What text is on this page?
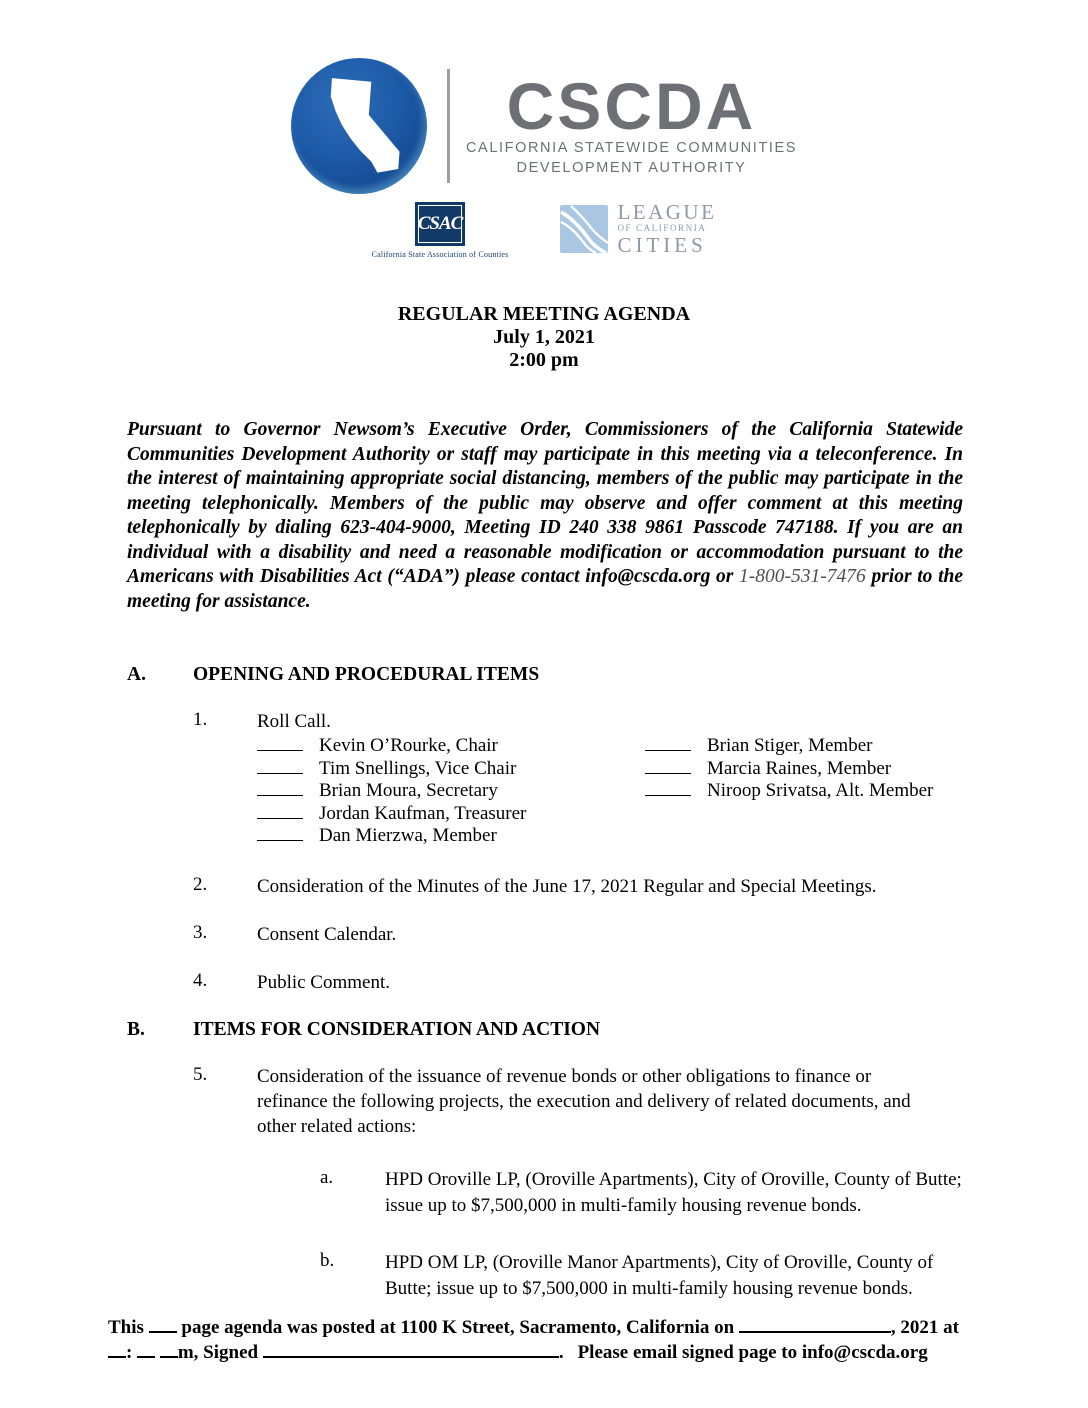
CSCDA
CALIFORNIA STATEWIDE COMMUNITIES
DEVELOPMENT AUTHORITY
CSAC
California State Association of Counties
LEAGUE
OF CALIFORNIA
CITIES
REGULAR MEETING AGENDA
July 1, 2021
2:00 pm

Pursuant to Governor Newsom’s Executive Order, Commissioners of the California Statewide Communities Development Authority or staff may participate in this meeting via a teleconference. In the interest of maintaining appropriate social distancing, members of the public may participate in the meeting telephonically. Members of the public may observe and offer comment at this meeting telephonically by dialing 623-404-9000, Meeting ID 240 338 9861 Passcode 747188. If you are an individual with a disability and need a reasonable modification or accommodation pursuant to the Americans with Disabilities Act (“ADA”) please contact info@cscda.org or 1-800-531-7476 prior to the meeting for assistance.

A.	OPENING AND PROCEDURAL ITEMS
1.	Roll Call.
Kevin O’Rourke, Chair	Brian Stiger, Member
Tim Snellings, Vice Chair	Marcia Raines, Member
Brian Moura, Secretary	Niroop Srivatsa, Alt. Member
Jordan Kaufman, Treasurer
Dan Mierzwa, Member
2.	Consideration of the Minutes of the June 17, 2021 Regular and Special Meetings.
3.	Consent Calendar.
4.	Public Comment.
B.	ITEMS FOR CONSIDERATION AND ACTION
5.	Consideration of the issuance of revenue bonds or other obligations to finance or refinance the following projects, the execution and delivery of related documents, and other related actions:
a.	HPD Oroville LP, (Oroville Apartments), City of Oroville, County of Butte; issue up to $7,500,000 in multi-family housing revenue bonds.
b.	HPD OM LP, (Oroville Manor Apartments), City of Oroville, County of Butte; issue up to $7,500,000 in multi-family housing revenue bonds.
This page agenda was posted at 1100 K Street, Sacramento, California on	, 2021 at
: m, Signed	. Please email signed page to info@cscda.org
